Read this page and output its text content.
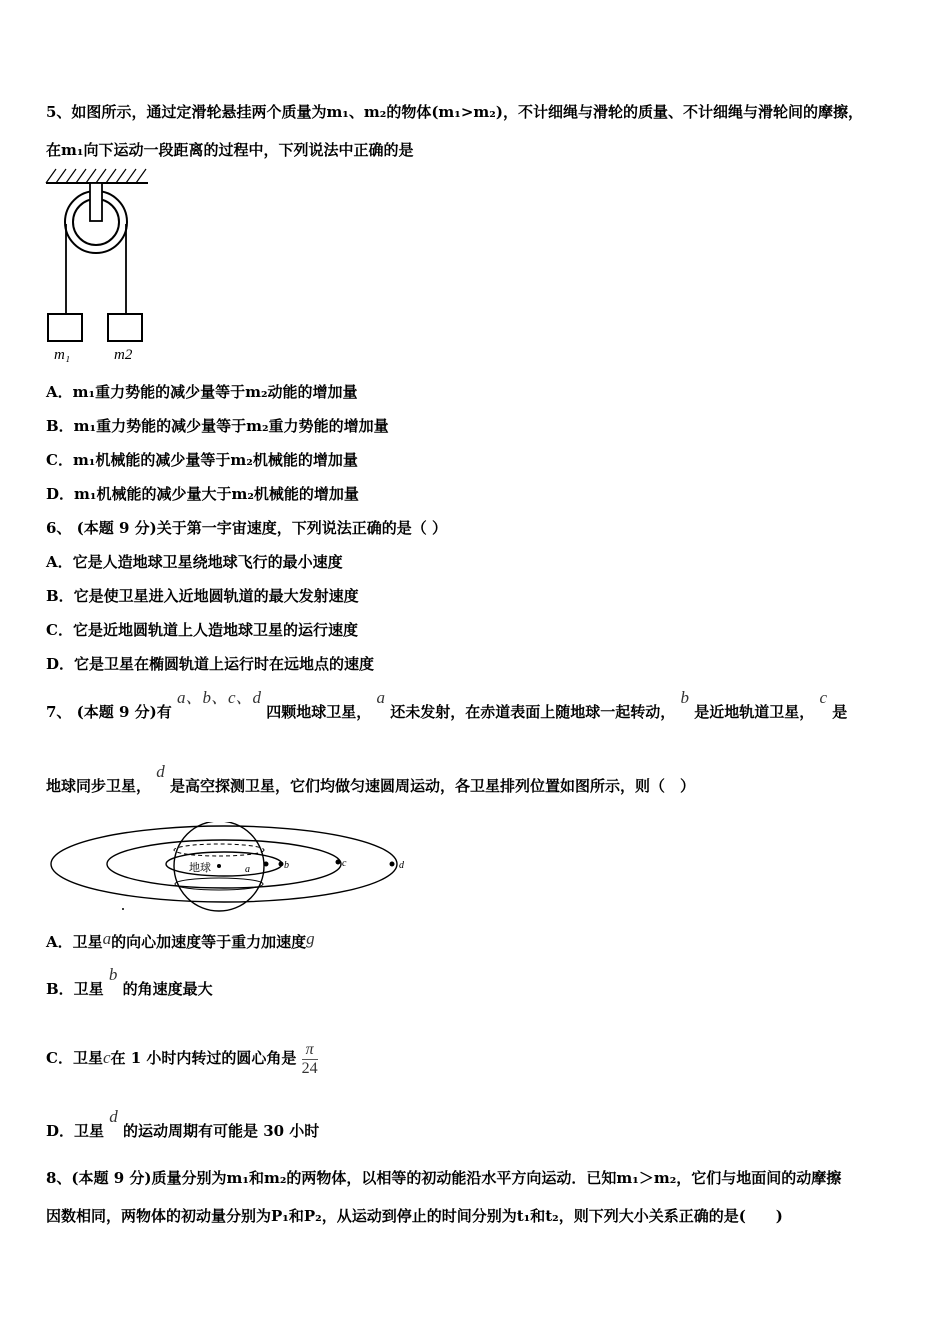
5、如图所示，通过定滑轮悬挂两个质量为m₁、m₂的物体(m₁>m₂)，不计细绳与滑轮的质量、不计细绳与滑轮间的摩擦，
在m₁向下运动一段距离的过程中，下列说法中正确的是
m₁	m2
A．m₁重力势能的减少量等于m₂动能的增加量
B．m₁重力势能的减少量等于m₂重力势能的增加量
C．m₁机械能的减少量等于m₂机械能的增加量
D．m₁机械能的减少量大于m₂机械能的增加量
6、 (本题 9 分)关于第一宇宙速度，下列说法正确的是（ ）
A．它是人造地球卫星绕地球飞行的最小速度
B．它是使卫星进入近地圆轨道的最大发射速度
C．它是近地圆轨道上人造地球卫星的运行速度
D．它是卫星在椭圆轨道上运行时在远地点的速度
7、 (本题 9 分)有 a、b、c、d 四颗地球卫星， a 还未发射，在赤道表面上随地球一起转动， b 是近地轨道卫星， c 是
地球同步卫星， d 是高空探测卫星，它们均做匀速圆周运动，各卫星排列位置如图所示，则（　）
地球	a	b	c	d
A．卫星a的向心加速度等于重力加速度g
B．卫星 b 的角速度最大
C．卫星c在 1 小时内转过的圆心角是 $\frac{\pi}{24}$
D．卫星 d 的运动周期有可能是 30 小时
8、(本题 9 分)质量分别为m₁和m₂的两物体，以相等的初动能沿水平方向运动．已知m₁＞m₂，它们与地面间的动摩擦
因数相同，两物体的初动量分别为P₁和P₂，从运动到停止的时间分别为t₁和t₂，则下列大小关系正确的是(　　)
